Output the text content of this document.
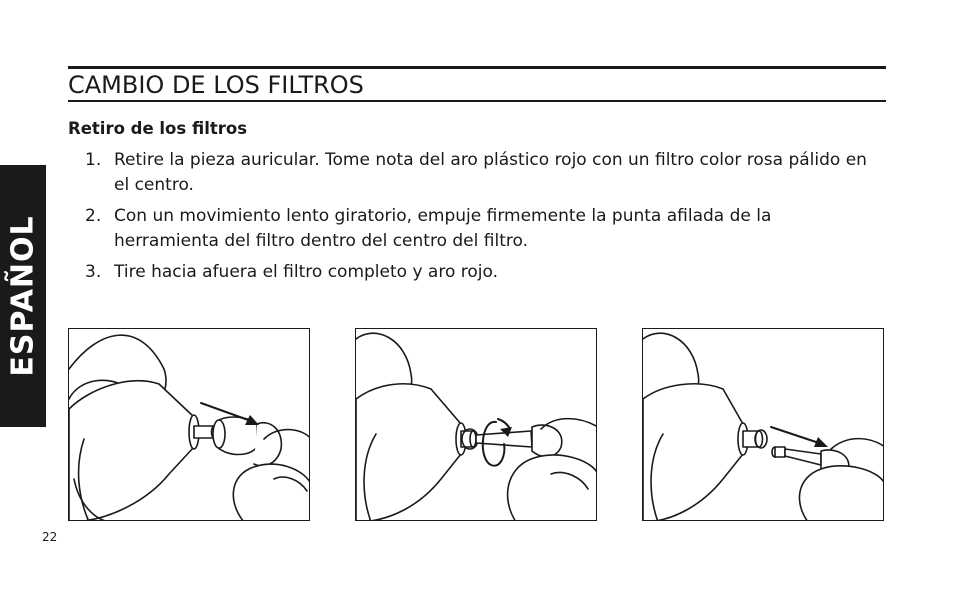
ESPAÑOL
CAMBIO DE LOS FILTROS
Retiro de los filtros
1. Retire la pieza auricular. Tome nota del aro plástico rojo con un filtro color rosa pálido en el centro.
2. Con un movimiento lento giratorio, empuje firmemente la punta afilada de la herramienta del filtro dentro del centro del filtro.
3. Tire hacia afuera el filtro completo y aro rojo.
22
